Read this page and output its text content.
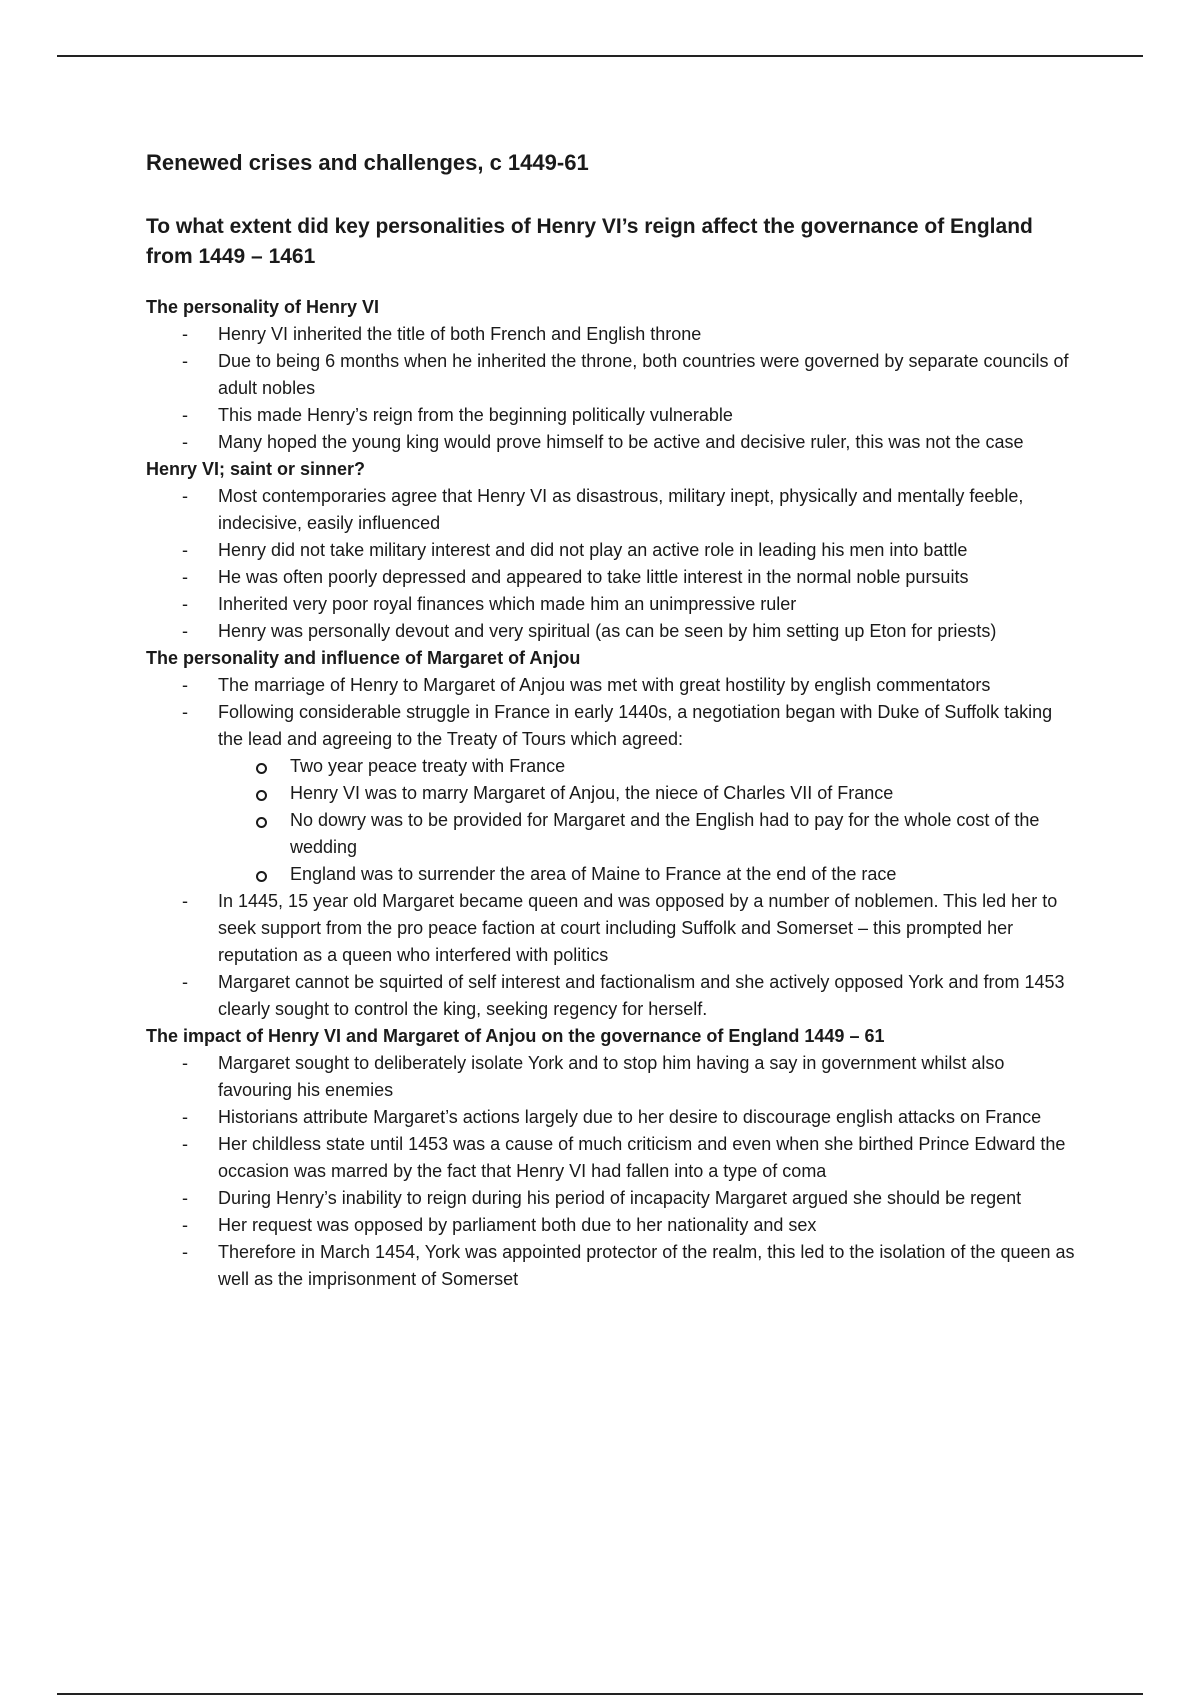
Renewed crises and challenges, c 1449-61
To what extent did key personalities of Henry VI’s reign affect the governance of England from 1449 – 1461
The personality of Henry VI
- Henry VI inherited the title of both French and English throne
- Due to being 6 months when he inherited the throne, both countries were governed by separate councils of adult nobles
- This made Henry’s reign from the beginning politically vulnerable
- Many hoped the young king would prove himself to be active and decisive ruler, this was not the case
Henry VI; saint or sinner?
- Most contemporaries agree that Henry VI as disastrous, military inept, physically and mentally feeble, indecisive, easily influenced
- Henry did not take military interest and did not play an active role in leading his men into battle
- He was often poorly depressed and appeared to take little interest in the normal noble pursuits
- Inherited very poor royal finances which made him an unimpressive ruler
- Henry was personally devout and very spiritual (as can be seen by him setting up Eton for priests)
The personality and influence of Margaret of Anjou
- The marriage of Henry to Margaret of Anjou was met with great hostility by english commentators
- Following considerable struggle in France in early 1440s, a negotiation began with Duke of Suffolk taking the lead and agreeing to the Treaty of Tours which agreed:
Two year peace treaty with France
Henry VI was to marry Margaret of Anjou, the niece of Charles VII of France
No dowry was to be provided for Margaret and the English had to pay for the whole cost of the wedding
England was to surrender the area of Maine to France at the end of the race
- In 1445, 15 year old Margaret became queen and was opposed by a number of noblemen. This led her to seek support from the pro peace faction at court including Suffolk and Somerset – this prompted her reputation as a queen who interfered with politics
- Margaret cannot be squirted of self interest and factionalism and she actively opposed York and from 1453 clearly sought to control the king, seeking regency for herself.
The impact of Henry VI and Margaret of Anjou on the governance of England 1449 – 61
- Margaret sought to deliberately isolate York and to stop him having a say in government whilst also favouring his enemies
- Historians attribute Margaret’s actions largely due to her desire to discourage english attacks on France
- Her childless state until 1453 was a cause of much criticism and even when she birthed Prince Edward the occasion was marred by the fact that Henry VI had fallen into a type of coma
- During Henry’s inability to reign during his period of incapacity Margaret argued she should be regent
- Her request was opposed by parliament both due to her nationality and sex
- Therefore in March 1454, York was appointed protector of the realm, this led to the isolation of the queen as well as the imprisonment of Somerset
